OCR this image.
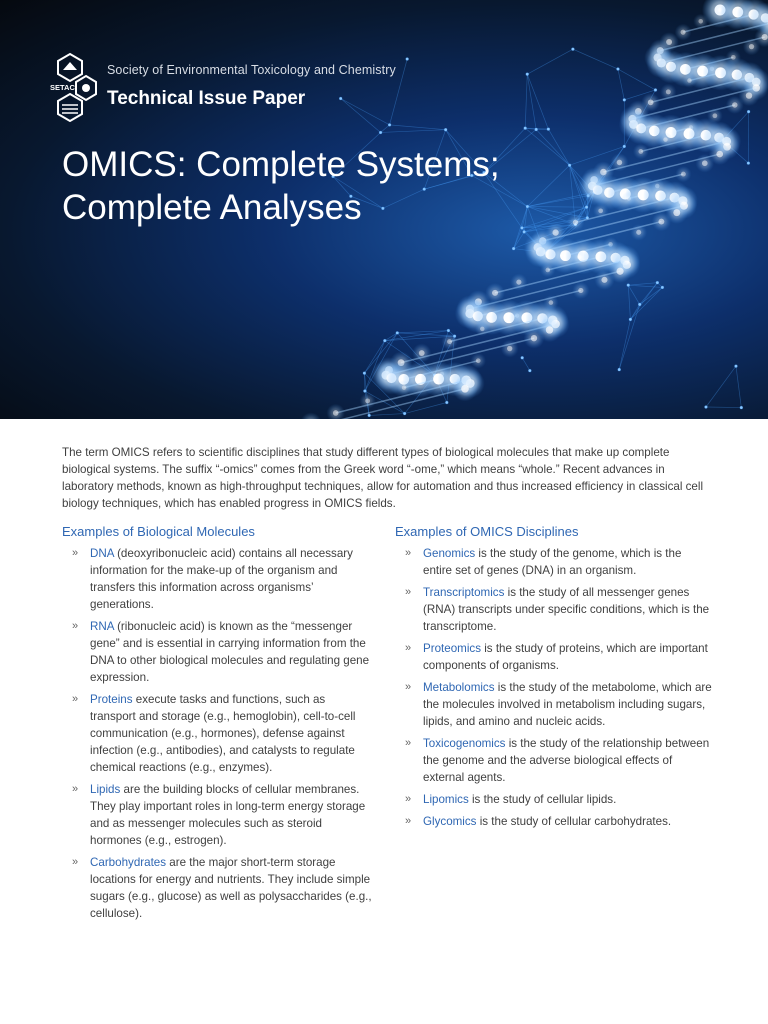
SETAC
Society of Environmental Toxicology and Chemistry
Technical Issue Paper
OMICS: Complete Systems;
Complete Analyses

The term OMICS refers to scientific disciplines that study different types of biological molecules that make up complete biological systems. The suffix “-omics” comes from the Greek word “-ome,” which means “whole.” Recent advances in laboratory methods, known as high-throughput techniques, allow for automation and thus increased efficiency in classical cell biology techniques, which has enabled progress in OMICS fields.

Examples of Biological Molecules
» DNA (deoxyribonucleic acid) contains all necessary information for the make-up of the organism and transfers this information across organisms’ generations.
» RNA (ribonucleic acid) is known as the “messenger gene” and is essential in carrying information from the DNA to other biological molecules and regulating gene expression.
» Proteins execute tasks and functions, such as transport and storage (e.g., hemoglobin), cell-to-cell communication (e.g., hormones), defense against infection (e.g., antibodies), and catalysts to regulate chemical reactions (e.g., enzymes).
» Lipids are the building blocks of cellular membranes. They play important roles in long-term energy storage and as messenger molecules such as steroid hormones (e.g., estrogen).
» Carbohydrates are the major short-term storage locations for energy and nutrients. They include simple sugars (e.g., glucose) as well as polysaccharides (e.g., cellulose).
Examples of OMICS Disciplines
» Genomics is the study of the genome, which is the entire set of genes (DNA) in an organism.
» Transcriptomics is the study of all messenger genes (RNA) transcripts under specific conditions, which is the transcriptome.
» Proteomics is the study of proteins, which are important components of organisms.
» Metabolomics is the study of the metabolome, which are the molecules involved in metabolism including sugars, lipids, and amino and nucleic acids.
» Toxicogenomics is the study of the relationship between the genome and the adverse biological effects of external agents.
» Lipomics is the study of cellular lipids.
» Glycomics is the study of cellular carbohydrates.
